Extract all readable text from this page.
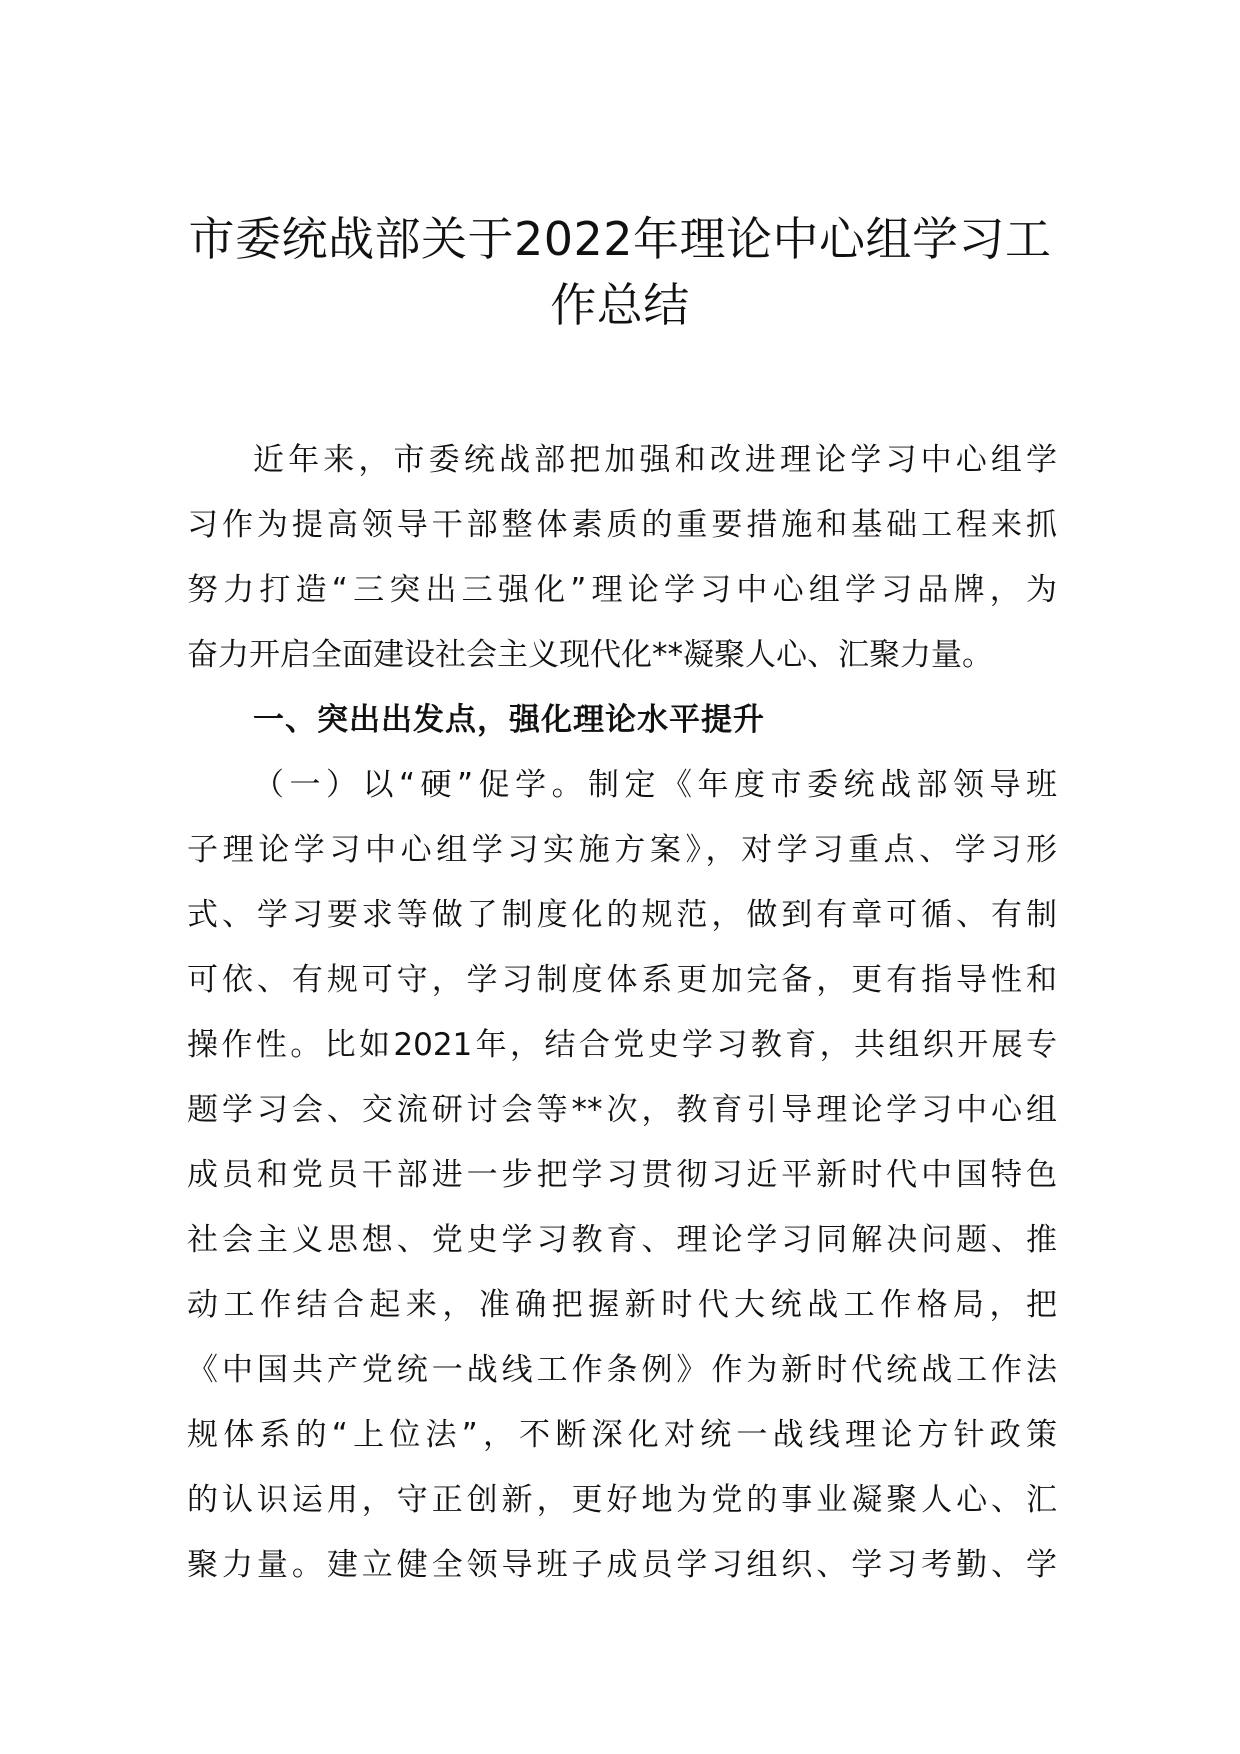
市委统战部关于2022年理论中心组学习工
作总结
近年来，市委统战部把加强和改进理论学习中心组学
习作为提高领导干部整体素质的重要措施和基础工程来抓
努力打造“三突出三强化”理论学习中心组学习品牌，为
奋力开启全面建设社会主义现代化**凝聚人心、汇聚力量。
一、突出出发点，强化理论水平提升
（一）以“硬”促学。制定《年度市委统战部领导班
子理论学习中心组学习实施方案》，对学习重点、学习形
式、学习要求等做了制度化的规范，做到有章可循、有制
可依、有规可守，学习制度体系更加完备，更有指导性和
操作性。比如2021年，结合党史学习教育，共组织开展专
题学习会、交流研讨会等**次，教育引导理论学习中心组
成员和党员干部进一步把学习贯彻习近平新时代中国特色
社会主义思想、党史学习教育、理论学习同解决问题、推
动工作结合起来，准确把握新时代大统战工作格局，把
《中国共产党统一战线工作条例》作为新时代统战工作法
规体系的“上位法”，不断深化对统一战线理论方针政策
的认识运用，守正创新，更好地为党的事业凝聚人心、汇
聚力量。建立健全领导班子成员学习组织、学习考勤、学
